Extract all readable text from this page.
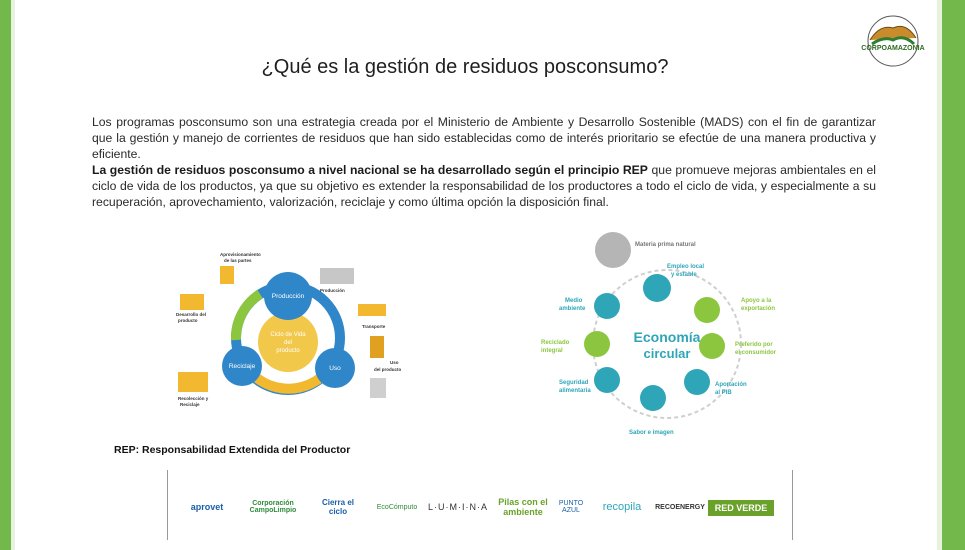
¿Qué es la gestión de residuos posconsumo?
CORPOAMAZONIA
Los programas posconsumo son una estrategia creada por el Ministerio de Ambiente y Desarrollo Sostenible (MADS) con el fin de garantizar que la gestión y manejo de corrientes de residuos que han sido establecidas como de interés prioritario se efectúe de una manera productiva y eficiente.
La gestión de residuos posconsumo a nivel nacional se ha desarrollado según el principio REP que promueve mejoras ambientales en el ciclo de vida de los productos, ya que su objetivo es extender la responsabilidad de los productores a todo el ciclo de vida, y especialmente a su recuperación, aprovechamiento, valorización, reciclaje y como última opción la disposición final.
Ciclo de Vida
del
producto
Producción
Uso
Reciclaje
Aprovisionamiento
de las partes
Producción
Transporte
Uso
del producto
Desarrollo del
producto
Recolección y
Reciclaje
Economía
circular
Materia prima natural
Empleo local
y estable
Apoyo a la
exportación
Preferido por
el consumidor
Aportación
al PIB
Sabor e imagen
Seguridad
alimentaria
Reciclado
integral
Medio
ambiente
REP: Responsabilidad Extendida del Productor
aprovet	Corporación CampoLimpio
Cierra el ciclo	EcoCómputo L·U·M·I·N·A Pilas con el ambiente
PUNTO AZUL	recopila	RECOENERGY	RED VERDE
